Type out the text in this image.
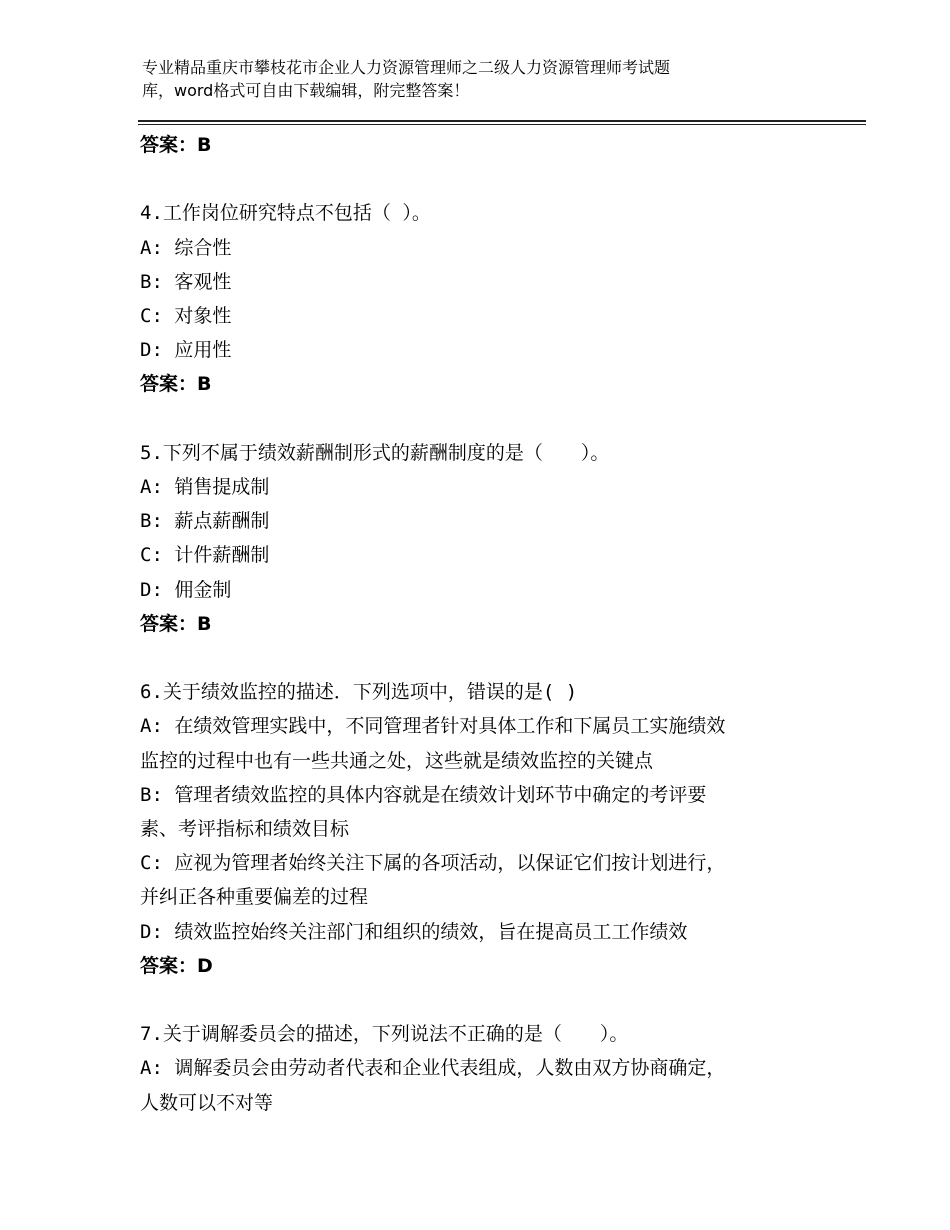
专业精品重庆市攀枝花市企业人力资源管理师之二级人力资源管理师考试题
库，word格式可自由下载编辑，附完整答案！
答案：B
4.工作岗位研究特点不包括（ ）。
A: 综合性
B: 客观性
C: 对象性
D: 应用性
答案：B
5.下列不属于绩效薪酬制形式的薪酬制度的是（　　）。
A: 销售提成制
B: 薪点薪酬制
C: 计件薪酬制
D: 佣金制
答案：B
6.关于绩效监控的描述．下列选项中，错误的是( )
A: 在绩效管理实践中，不同管理者针对具体工作和下属员工实施绩效
监控的过程中也有一些共通之处，这些就是绩效监控的关键点
B: 管理者绩效监控的具体内容就是在绩效计划环节中确定的考评要
素、考评指标和绩效目标
C: 应视为管理者始终关注下属的各项活动，以保证它们按计划进行，
并纠正各种重要偏差的过程
D: 绩效监控始终关注部门和组织的绩效，旨在提高员工工作绩效
答案：D
7.关于调解委员会的描述，下列说法不正确的是（　　）。
A: 调解委员会由劳动者代表和企业代表组成，人数由双方协商确定，
人数可以不对等
